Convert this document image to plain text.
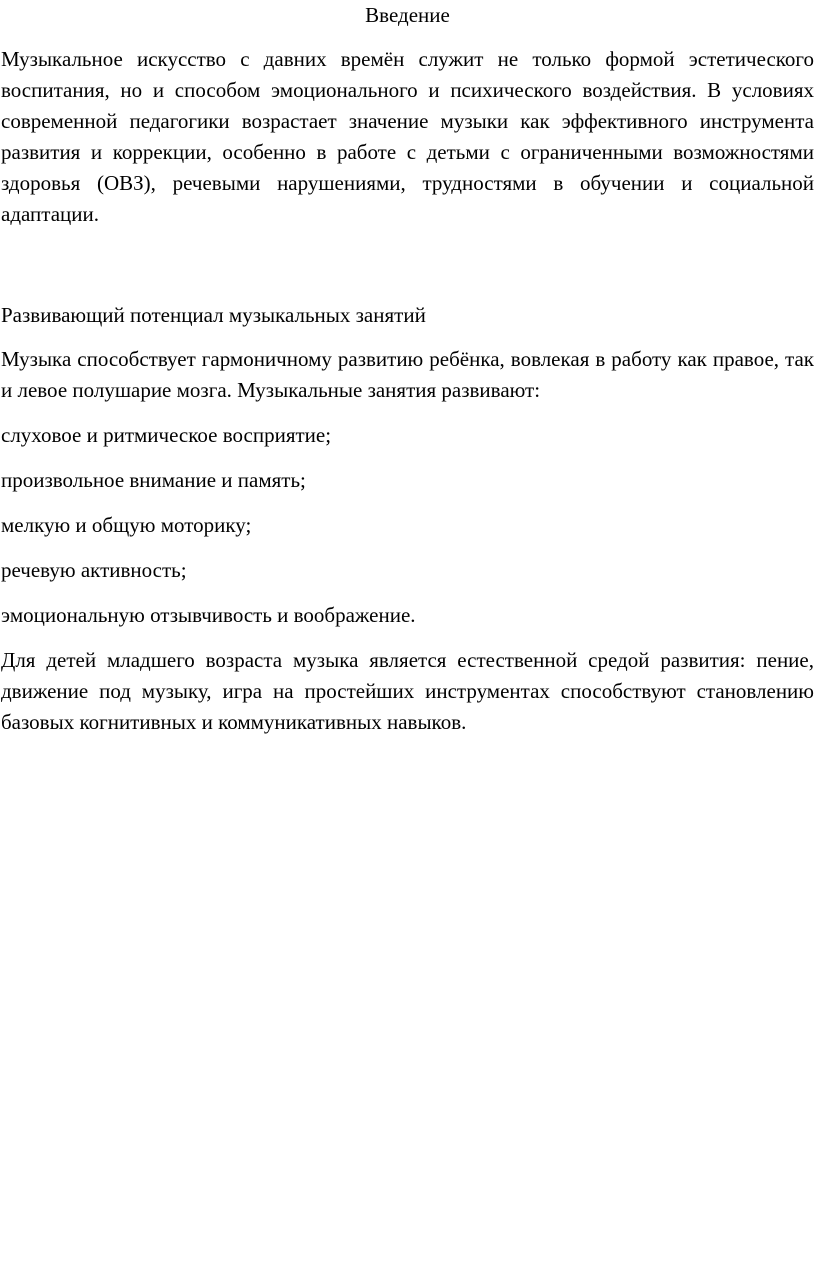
Введение

Музыкальное искусство с давних времён служит не только формой эстетического воспитания, но и способом эмоционального и психического воздействия. В условиях современной педагогики возрастает значение музыки как эффективного инструмента развития и коррекции, особенно в работе с детьми с ограниченными возможностями здоровья (ОВЗ), речевыми нарушениями, трудностями в обучении и социальной адаптации.

Развивающий потенциал музыкальных занятий

Музыка способствует гармоничному развитию ребёнка, вовлекая в работу как правое, так и левое полушарие мозга. Музыкальные занятия развивают:

слуховое и ритмическое восприятие;
произвольное внимание и память;
мелкую и общую моторику;
речевую активность;
эмоциональную отзывчивость и воображение.

Для детей младшего возраста музыка является естественной средой развития: пение, движение под музыку, игра на простейших инструментах способствуют становлению базовых когнитивных и коммуникативных навыков.
